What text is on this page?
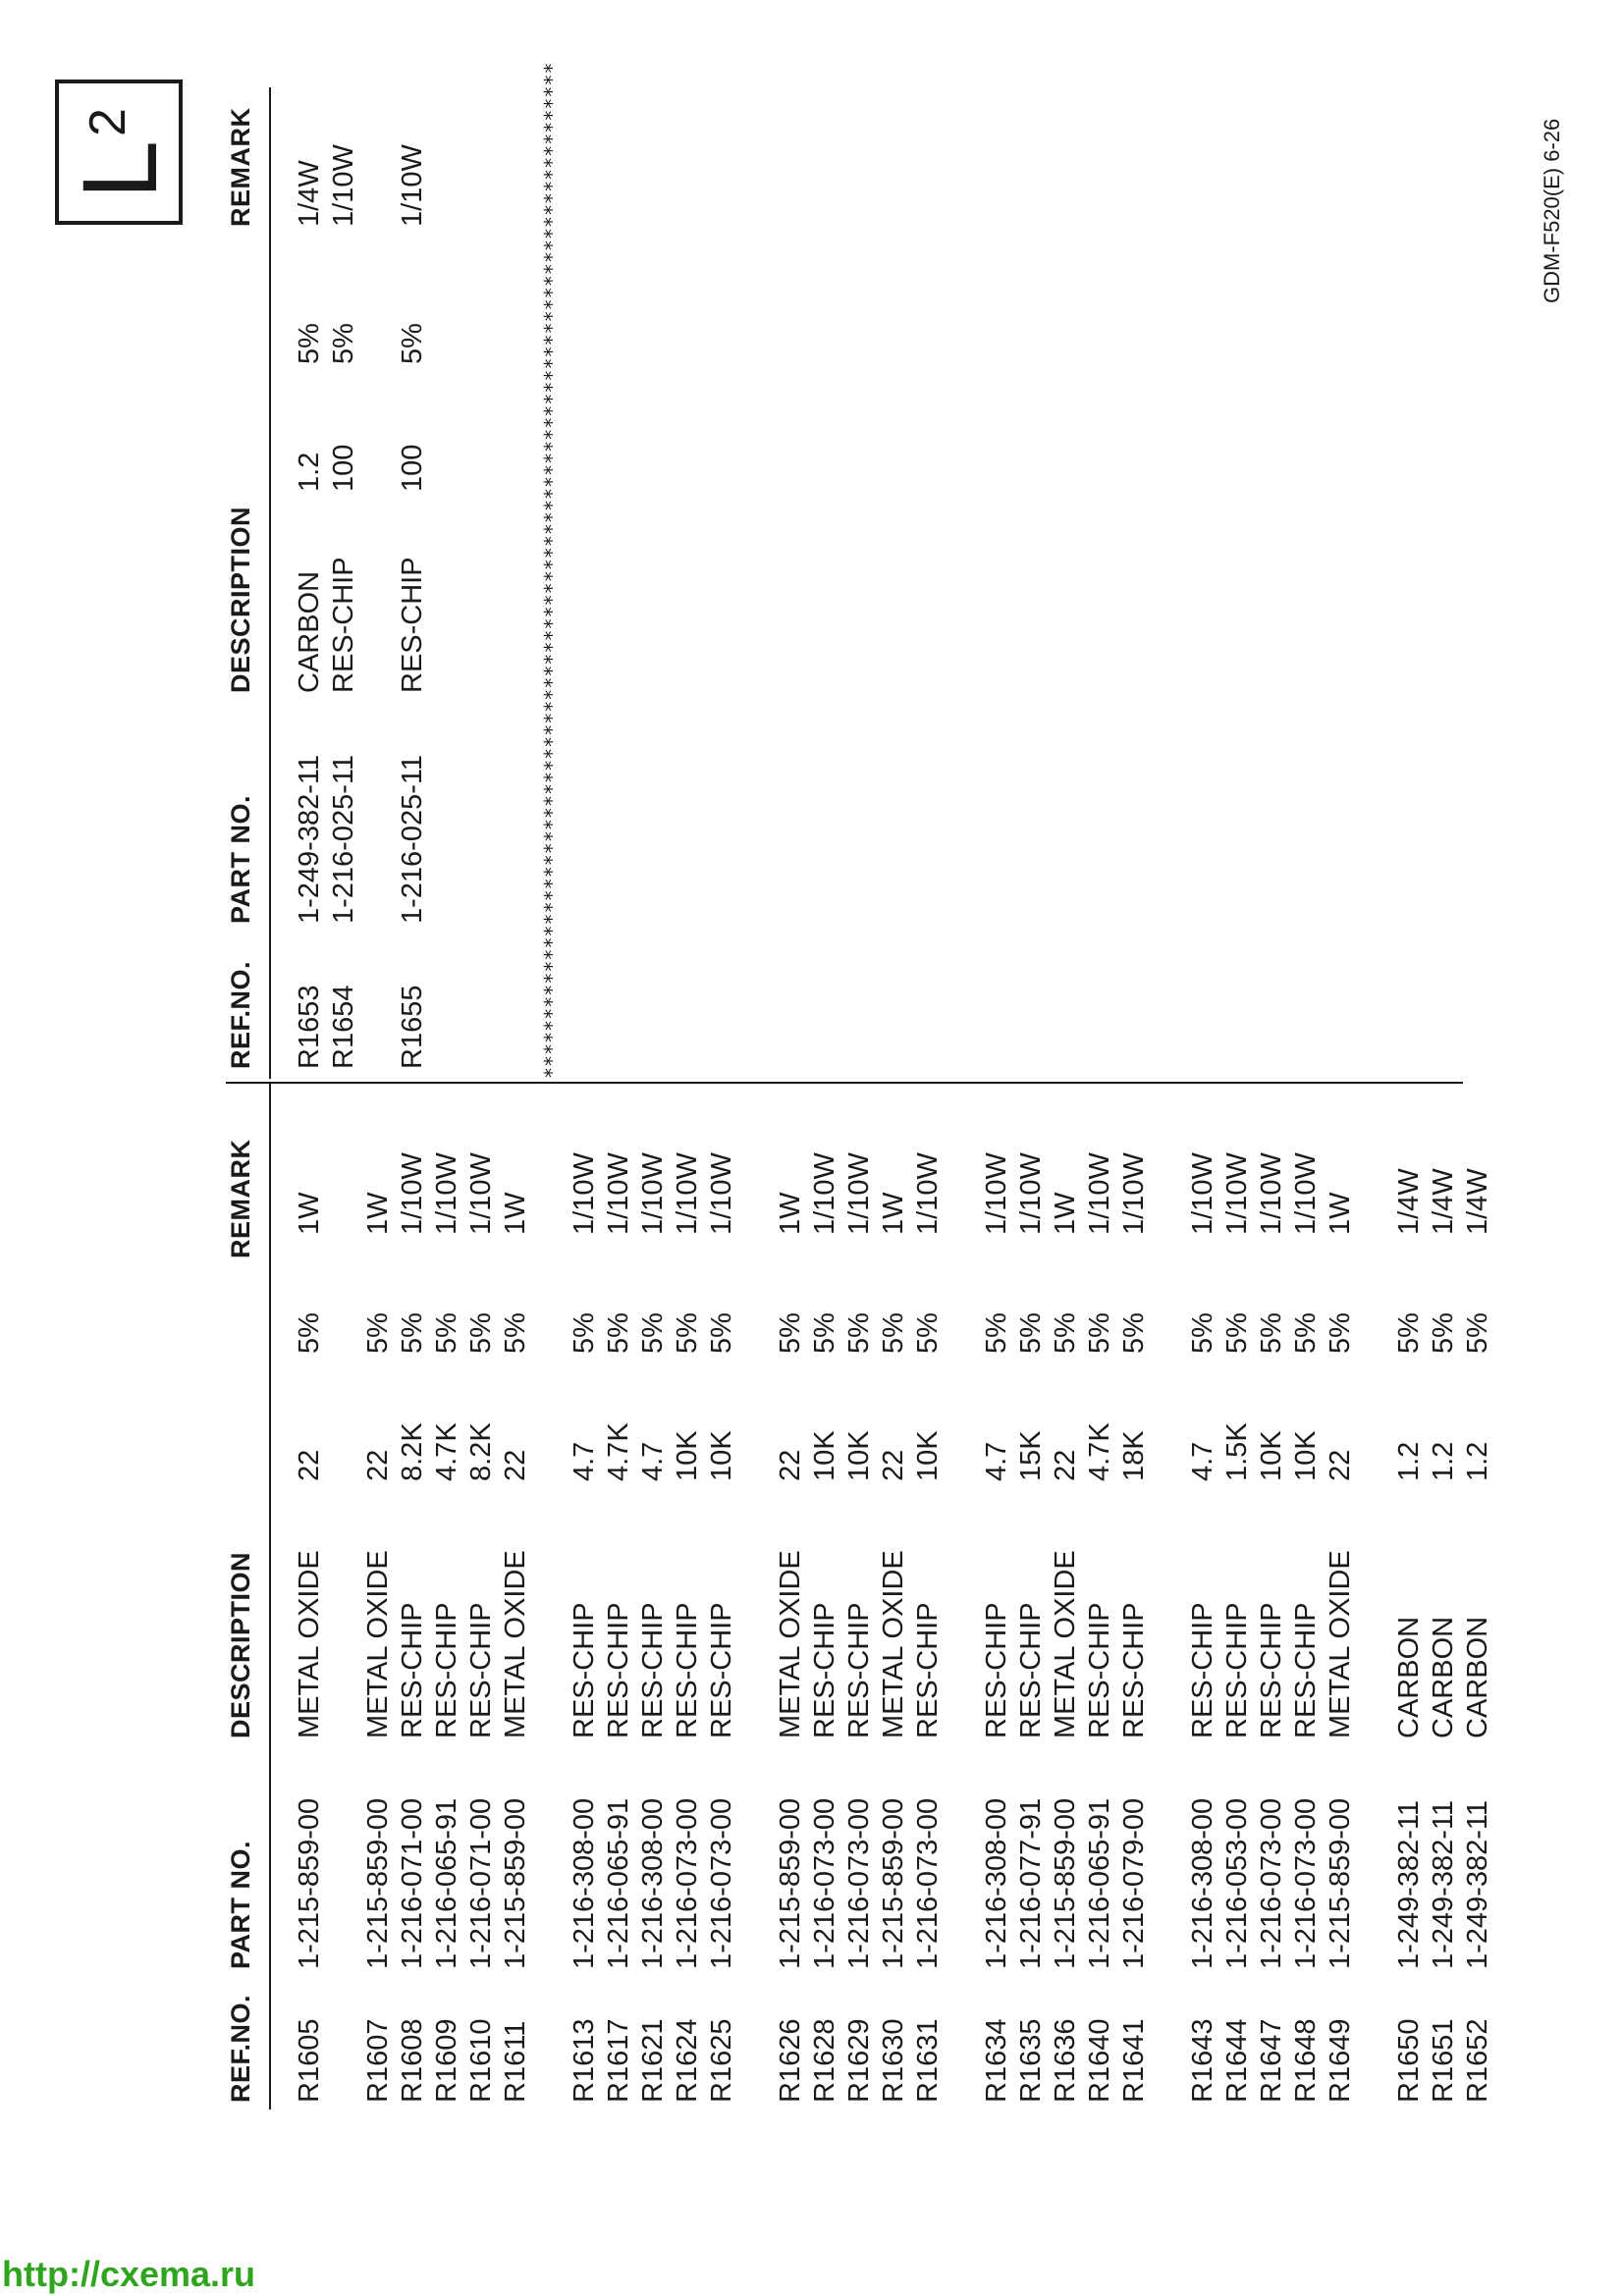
REF.NO.
PART NO.
DESCRIPTION
REMARK
R1605
1-215-859-00
METAL OXIDE
22
5%
1W
R1607
1-215-859-00
METAL OXIDE
22
5%
1W
R1608
1-216-071-00
RES-CHIP
8.2K
5%
1/10W
R1609
1-216-065-91
RES-CHIP
4.7K
5%
1/10W
R1610
1-216-071-00
RES-CHIP
8.2K
5%
1/10W
R1611
1-215-859-00
METAL OXIDE
22
5%
1W
R1613
1-216-308-00
RES-CHIP
4.7
5%
1/10W
R1617
1-216-065-91
RES-CHIP
4.7K
5%
1/10W
R1621
1-216-308-00
RES-CHIP
4.7
5%
1/10W
R1624
1-216-073-00
RES-CHIP
10K
5%
1/10W
R1625
1-216-073-00
RES-CHIP
10K
5%
1/10W
R1626
1-215-859-00
METAL OXIDE
22
5%
1W
R1628
1-216-073-00
RES-CHIP
10K
5%
1/10W
R1629
1-216-073-00
RES-CHIP
10K
5%
1/10W
R1630
1-215-859-00
METAL OXIDE
22
5%
1W
R1631
1-216-073-00
RES-CHIP
10K
5%
1/10W
R1634
1-216-308-00
RES-CHIP
4.7
5%
1/10W
R1635
1-216-077-91
RES-CHIP
15K
5%
1/10W
R1636
1-215-859-00
METAL OXIDE
22
5%
1W
R1640
1-216-065-91
RES-CHIP
4.7K
5%
1/10W
R1641
1-216-079-00
RES-CHIP
18K
5%
1/10W
R1643
1-216-308-00
RES-CHIP
4.7
5%
1/10W
R1644
1-216-053-00
RES-CHIP
1.5K
5%
1/10W
R1647
1-216-073-00
RES-CHIP
10K
5%
1/10W
R1648
1-216-073-00
RES-CHIP
10K
5%
1/10W
R1649
1-215-859-00
METAL OXIDE
22
5%
1W
R1650
1-249-382-11
CARBON
1.2
5%
1/4W
R1651
1-249-382-11
CARBON
1.2
5%
1/4W
R1652
1-249-382-11
CARBON
1.2
5%
1/4W
REF.NO.
PART NO.
DESCRIPTION
REMARK
R1653
1-249-382-11
CARBON
1.2
5%
1/4W
R1654
1-216-025-11
RES-CHIP
100
5%
1/10W
R1655
1-216-025-11
RES-CHIP
100
5%
1/10W	**************************************************************************************
L
2	GDM-F520(E) 6-26
http://cxema.ru
